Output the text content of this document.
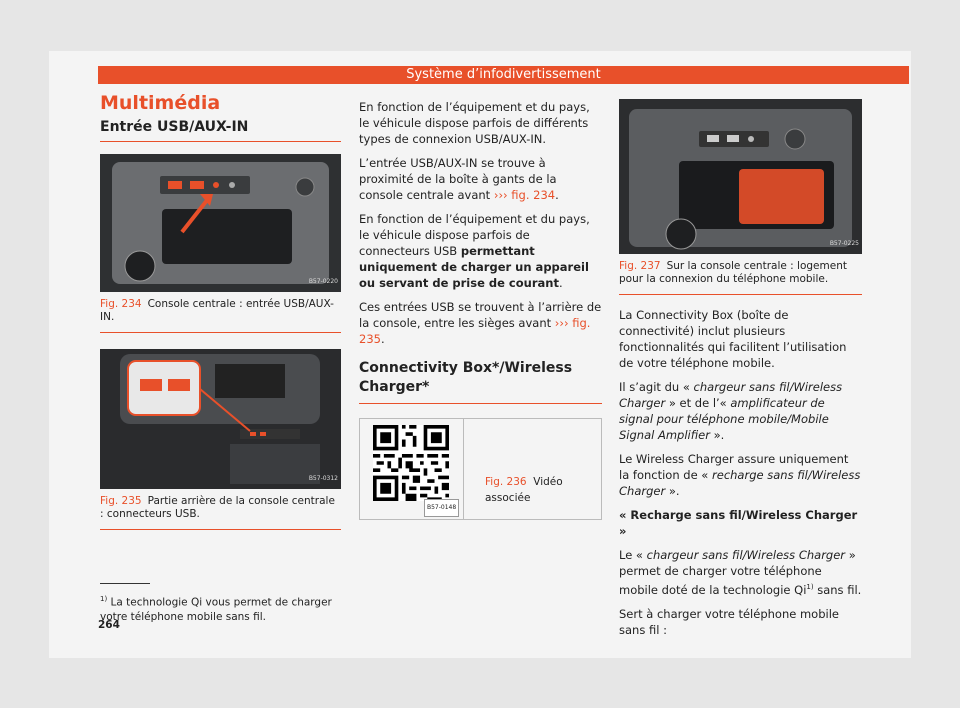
Système d’infodivertissement
Multimédia
Entrée USB/AUX-IN
B57-0220
Fig. 234 Console centrale : entrée USB/AUX-IN.
B57-0312
Fig. 235 Partie arrière de la console centrale : connecteurs USB.

En fonction de l’équipement et du pays, le véhicule dispose parfois de différents types de connexion USB/AUX-IN.

L’entrée USB/AUX-IN se trouve à proximité de la boîte à gants de la console centrale avant ››› fig. 234.

En fonction de l’équipement et du pays, le véhicule dispose parfois de connecteurs USB permettant uniquement de charger un appareil ou servant de prise de courant.

Ces entrées USB se trouvent à l’arrière de la console, entre les sièges avant ››› fig. 235.

Connectivity Box*/Wireless Charger*
B57-0148
Fig. 236 Vidéo associée
B57-0225
Fig. 237 Sur la console centrale : logement pour la connexion du téléphone mobile.

La Connectivity Box (boîte de connectivité) inclut plusieurs fonctionnalités qui facilitent l’utilisation de votre téléphone mobile.

Il s’agit du « chargeur sans fil/Wireless Charger » et de l’« amplificateur de signal pour téléphone mobile/Mobile Signal Amplifier ».

Le Wireless Charger assure uniquement la fonction de « recharge sans fil/Wireless Charger ».

« Recharge sans fil/Wireless Charger »

Le « chargeur sans fil/Wireless Charger » permet de charger votre téléphone mobile doté de la technologie Qi$^{1)}$ sans fil.

Sert à charger votre téléphone mobile sans fil :

$^{1)}$ La technologie Qi vous permet de charger votre téléphone mobile sans fil.
264
